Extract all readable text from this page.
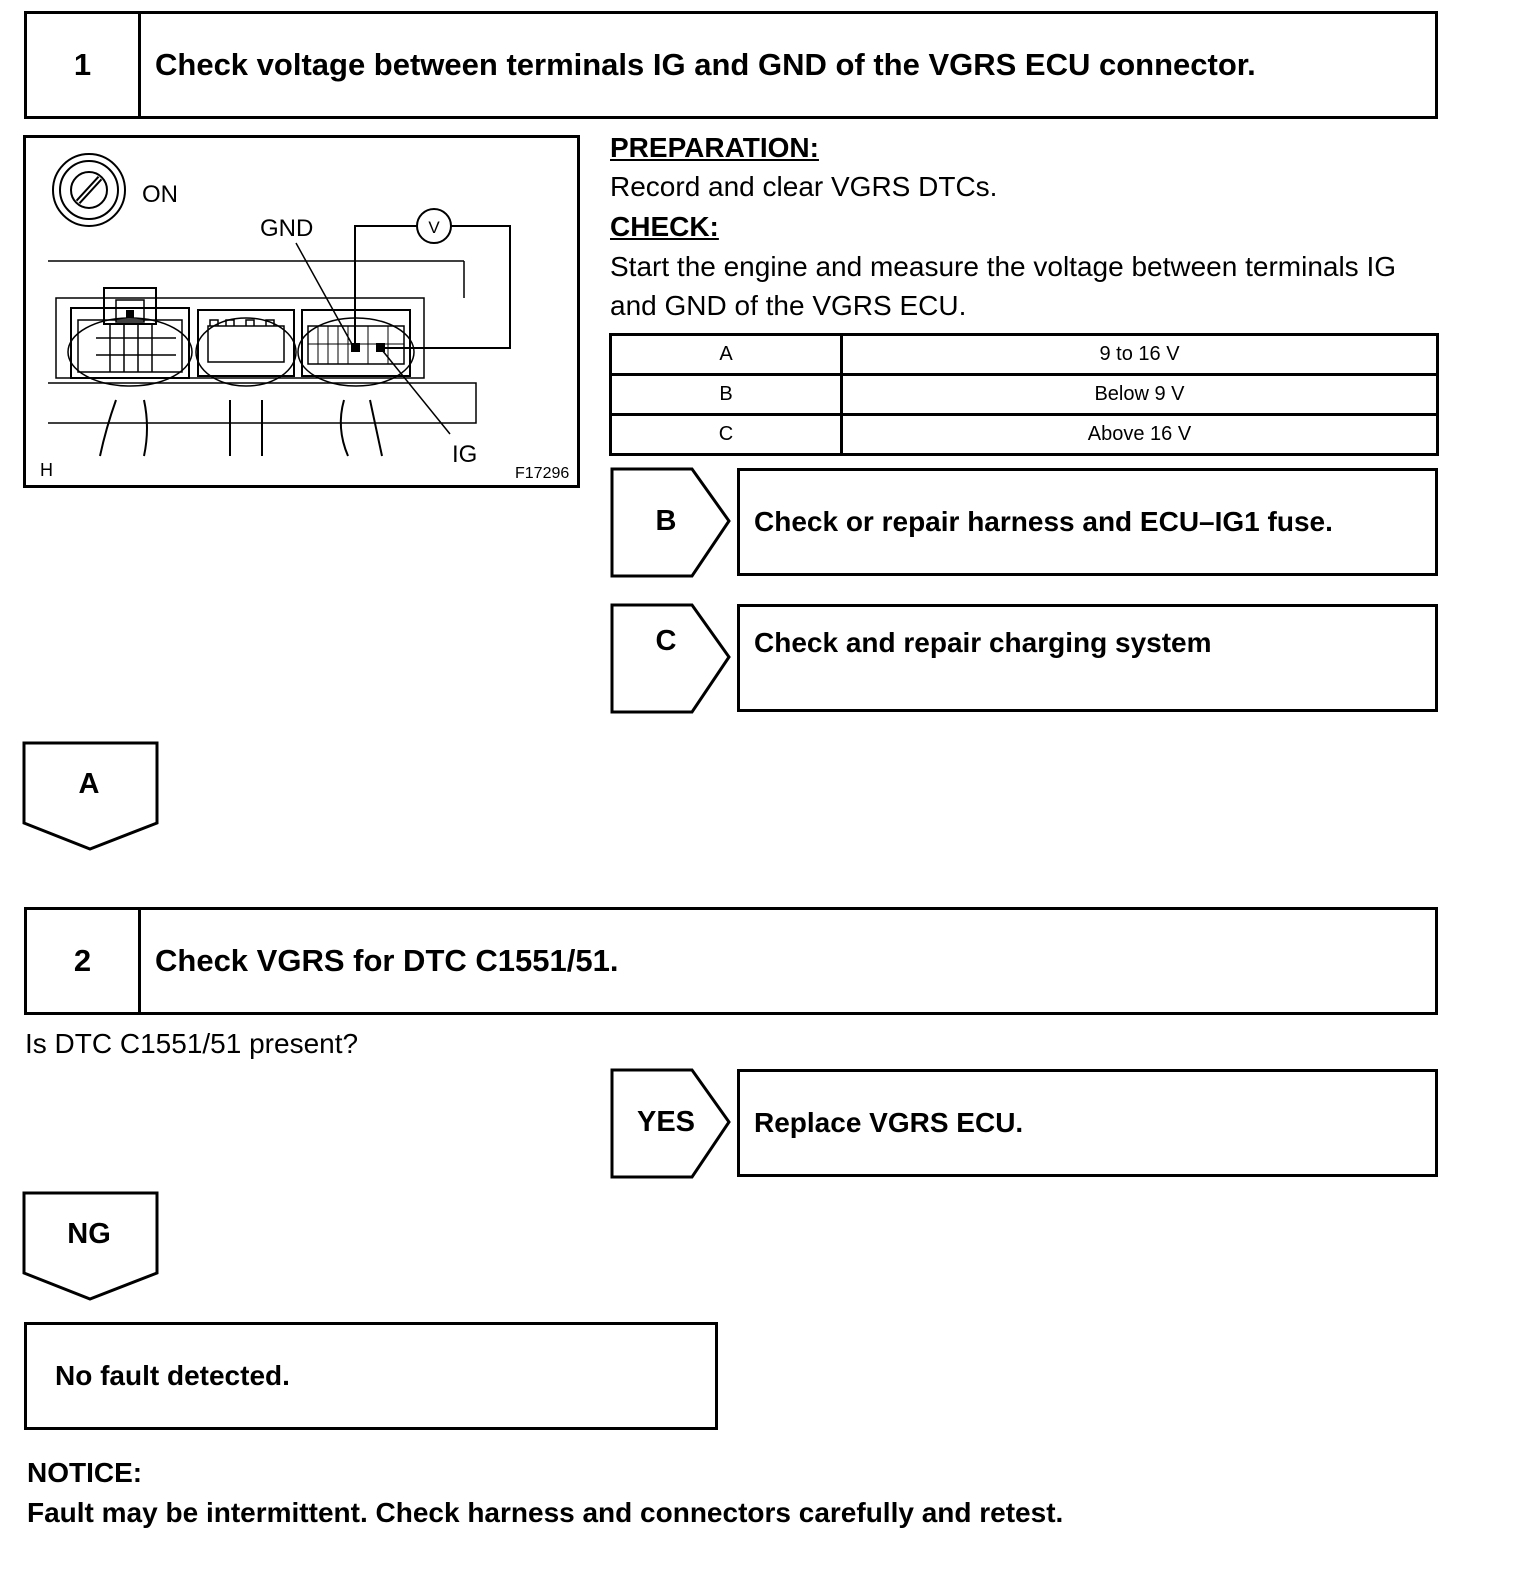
1	Check voltage between terminals IG and GND of the VGRS ECU connector.
V
ON
GND
IG
H	F17296
PREPARATION:
Record and clear VGRS DTCs.
CHECK:
Start the engine and measure the voltage between terminals IG
and GND of the VGRS ECU.
A	9 to 16 V
B	Below 9 V
C	Above 16 V
B	Check or repair harness and ECU–IG1 fuse.
C	Check and repair charging system
A
2	Check VGRS for DTC C1551/51.
Is DTC C1551/51 present?
YES	Replace VGRS ECU.
NG
No fault detected.
NOTICE:
Fault may be intermittent. Check harness and connectors carefully and retest.
